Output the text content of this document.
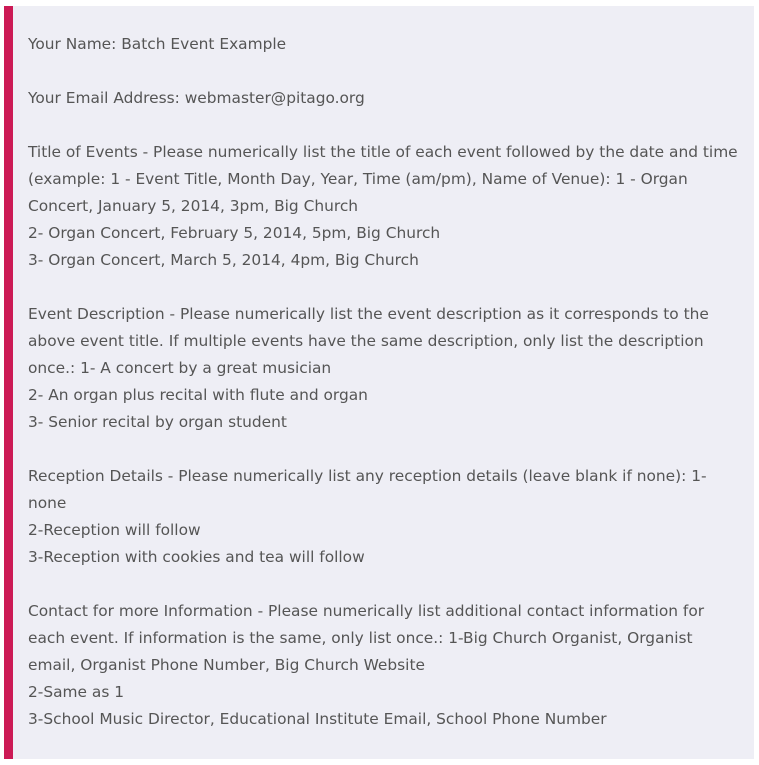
Your Name: Batch Event Example

Your Email Address: webmaster@pitago.org

Title of Events - Please numerically list the title of each event followed by the date and time (example: 1 - Event Title, Month Day, Year, Time (am/pm), Name of Venue): 1 - Organ Concert, January 5, 2014, 3pm, Big Church
2- Organ Concert, February 5, 2014, 5pm, Big Church
3- Organ Concert, March 5, 2014, 4pm, Big Church

Event Description - Please numerically list the event description as it corresponds to the above event title. If multiple events have the same description, only list the description once.: 1- A concert by a great musician
2- An organ plus recital with flute and organ
3- Senior recital by organ student

Reception Details - Please numerically list any reception details (leave blank if none): 1-none
2-Reception will follow
3-Reception with cookies and tea will follow

Contact for more Information - Please numerically list additional contact information for each event. If information is the same, only list once.: 1-Big Church Organist, Organist email, Organist Phone Number, Big Church Website
2-Same as 1
3-School Music Director, Educational Institute Email, School Phone Number
